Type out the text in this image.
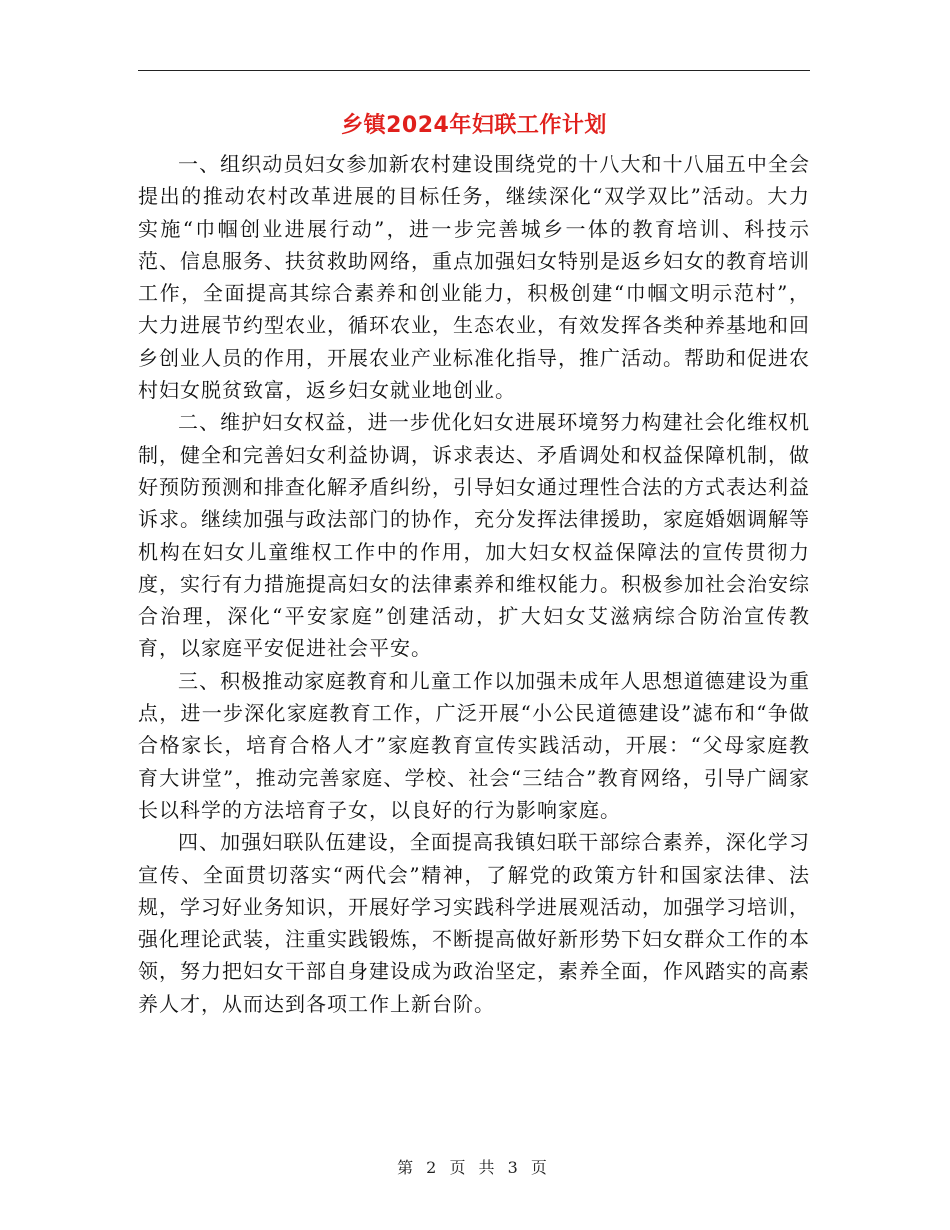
乡镇2024年妇联工作计划

一、组织动员妇女参加新农村建设围绕党的十八大和十八届五中全会提出的推动农村改革进展的目标任务，继续深化“双学双比”活动。大力实施“巾帼创业进展行动”，进一步完善城乡一体的教育培训、科技示范、信息服务、扶贫救助网络，重点加强妇女特别是返乡妇女的教育培训工作，全面提高其综合素养和创业能力，积极创建“巾帼文明示范村”，大力进展节约型农业，循环农业，生态农业，有效发挥各类种养基地和回乡创业人员的作用，开展农业产业标准化指导，推广活动。帮助和促进农村妇女脱贫致富，返乡妇女就业地创业。

二、维护妇女权益，进一步优化妇女进展环境努力构建社会化维权机制，健全和完善妇女利益协调，诉求表达、矛盾调处和权益保障机制，做好预防预测和排查化解矛盾纠纷，引导妇女通过理性合法的方式表达利益诉求。继续加强与政法部门的协作，充分发挥法律援助，家庭婚姻调解等机构在妇女儿童维权工作中的作用，加大妇女权益保障法的宣传贯彻力度，实行有力措施提高妇女的法律素养和维权能力。积极参加社会治安综合治理，深化“平安家庭”创建活动，扩大妇女艾滋病综合防治宣传教育，以家庭平安促进社会平安。

三、积极推动家庭教育和儿童工作以加强未成年人思想道德建设为重点，进一步深化家庭教育工作，广泛开展“小公民道德建设”滤布和“争做合格家长，培育合格人才”家庭教育宣传实践活动，开展：“父母家庭教育大讲堂”，推动完善家庭、学校、社会“三结合”教育网络，引导广阔家长以科学的方法培育子女，以良好的行为影响家庭。

四、加强妇联队伍建设，全面提高我镇妇联干部综合素养，深化学习宣传、全面贯切落实“两代会”精神，了解党的政策方针和国家法律、法规，学习好业务知识，开展好学习实践科学进展观活动，加强学习培训，强化理论武装，注重实践锻炼，不断提高做好新形势下妇女群众工作的本领，努力把妇女干部自身建设成为政治坚定，素养全面，作风踏实的高素养人才，从而达到各项工作上新台阶。

第 2 页 共 3 页
